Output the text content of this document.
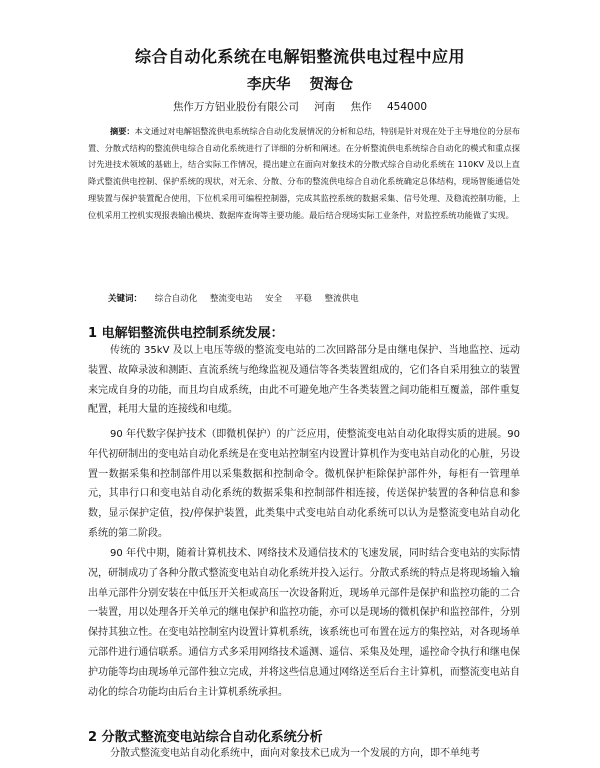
综合自动化系统在电解铝整流供电过程中应用
李庆华 贺海仓
焦作万方铝业股份有限公司 河南 焦作 454000
摘要：本文通过对电解铝整流供电系统综合自动化发展情况的分析和总结，特别是针对现在处于主导地位的分层布置、分散式结构的整流供电综合自动化系统进行了详细的分析和阐述。在分析整流供电系统综合自动化的模式和重点探讨先进技术领域的基础上，结合实际工作情况，提出建立在面向对象技术的分散式综合自动化系统在 110KV 及以上直降式整流供电控制、保护系统的现状，对无余、分散、分布的整流供电综合自动化系统确定总体结构，现场智能通信处理装置与保护装置配合使用，下位机采用可编程控制器，完成其监控系统的数据采集、信号处理、及稳流控制功能，上位机采用工控机实现报表输出模块、数据库查询等主要功能。最后结合现场实际工业条件，对监控系统功能做了实现。
关键词： 综合自动化 整流变电站 安全 平稳 整流供电
1 电解铝整流供电控制系统发展：
传统的 35kV 及以上电压等级的整流变电站的二次回路部分是由继电保护、当地监控、远动装置、故障录波和测距、直流系统与绝缘监视及通信等各类装置组成的，它们各自采用独立的装置来完成自身的功能，而且均自成系统，由此不可避免地产生各类装置之间功能相互覆盖，部件重复配置，耗用大量的连接线和电缆。
90 年代数字保护技术（即微机保护）的广泛应用，使整流变电站自动化取得实质的进展。90 年代初研制出的变电站自动化系统是在变电站控制室内设置计算机作为变电站自动化的心脏，另设置一数据采集和控制部件用以采集数据和控制命令。微机保护柜除保护部件外，每柜有一管理单元，其串行口和变电站自动化系统的数据采集和控制部件相连接，传送保护装置的各种信息和参数，显示保护定值，投/停保护装置，此类集中式变电站自动化系统可以认为是整流变电站自动化系统的第二阶段。
90 年代中期，随着计算机技术、网络技术及通信技术的飞速发展，同时结合变电站的实际情况，研制成功了各种分散式整流变电站自动化系统并投入运行。分散式系统的特点是将现场输入输出单元部件分别安装在中低压开关柜或高压一次设备附近，现场单元部件是保护和监控功能的二合一装置，用以处理各开关单元的继电保护和监控功能，亦可以是现场的微机保护和监控部件，分别保持其独立性。在变电站控制室内设置计算机系统，该系统也可布置在远方的集控站，对各现场单元部件进行通信联系。通信方式多采用网络技术遥测、遥信、采集及处理，遥控命令执行和继电保护功能等均由现场单元部件独立完成，并将这些信息通过网络送至后台主计算机，而整流变电站自动化的综合功能均由后台主计算机系统承担。
2 分散式整流变电站综合自动化系统分析
分散式整流变电站自动化系统中，面向对象技术已成为一个发展的方向，即不单纯考
